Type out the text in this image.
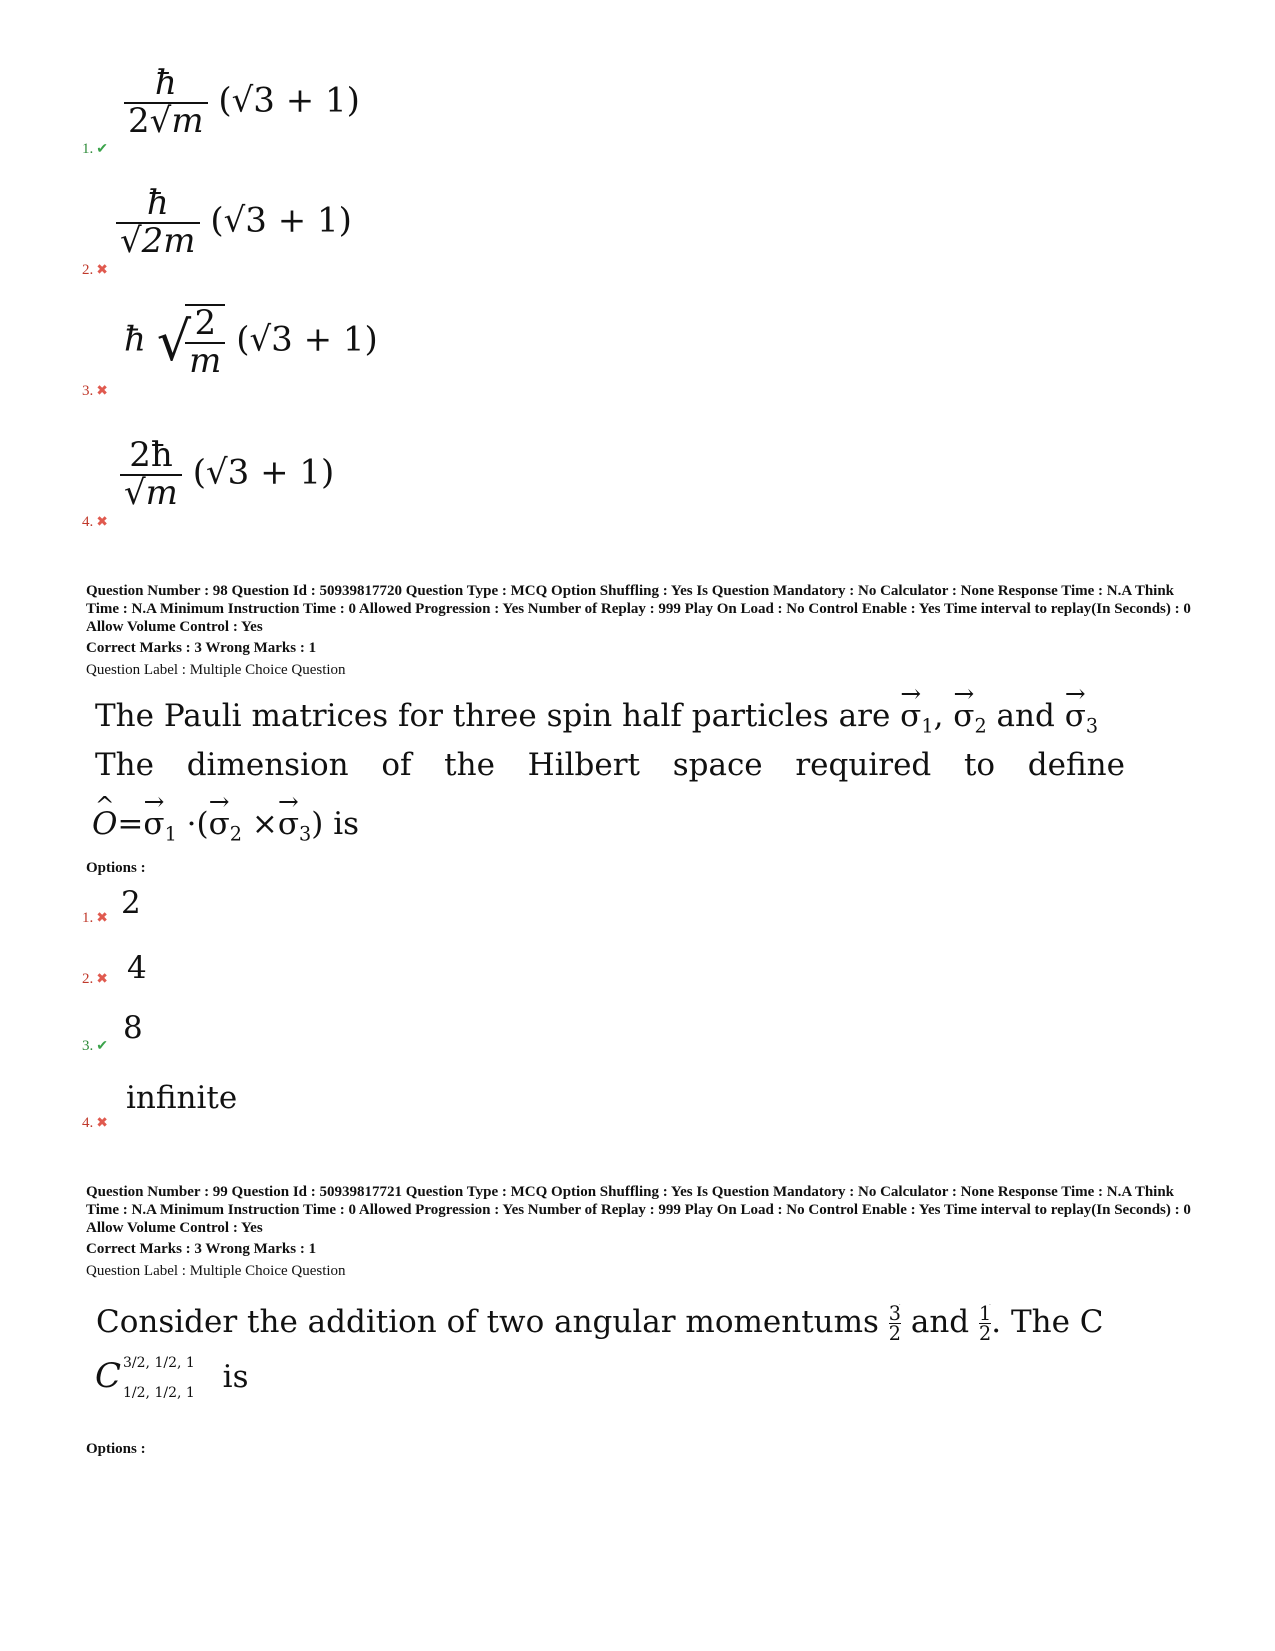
$\frac{ħ}{2√m} (√3 + 1)$
1. ✔
$\frac{ħ}{√2m} (√3 + 1)$
2. ✖
ħ √
$\frac{2}{m} (√3 + 1)$
3. ✖
$\frac{2ħ}{√m} (√3 + 1)$
4. ✖
Question Number : 98 Question Id : 50939817720 Question Type : MCQ Option Shuffling : Yes Is Question Mandatory : No Calculator : None Response Time : N.A Think Time : N.A Minimum Instruction Time : 0 Allowed Progression : Yes Number of Replay : 999 Play On Load : No Control Enable : Yes Time interval to replay(In Seconds) : 0 Allow Volume Control : Yes
Correct Marks : 3 Wrong Marks : 1
Question Label : Multiple Choice Question
The Pauli matrices for three spin half particles are → $\sigma_1$, → $\sigma_2$ and → $\sigma_3$
The dimension of the Hilbert space required to define
^ $O=\to \sigma_1$ ·(→ $\sigma_2 \times\to \sigma_3$) is
Options :
2
1. ✖
4
2. ✖
8
3. ✔
infinite
4. ✖
Question Number : 99 Question Id : 50939817721 Question Type : MCQ Option Shuffling : Yes Is Question Mandatory : No Calculator : None Response Time : N.A Think Time : N.A Minimum Instruction Time : 0 Allowed Progression : Yes Number of Replay : 999 Play On Load : No Control Enable : Yes Time interval to replay(In Seconds) : 0 Allow Volume Control : Yes
Correct Marks : 3 Wrong Marks : 1
Question Label : Multiple Choice Question
Consider the addition of two angular momentums → $\frac{3}{2}$ and → $\frac{1}{2}$ . The C
C 3/2, 1/2, 1
1/2, 1/2, 1 is
Options :
